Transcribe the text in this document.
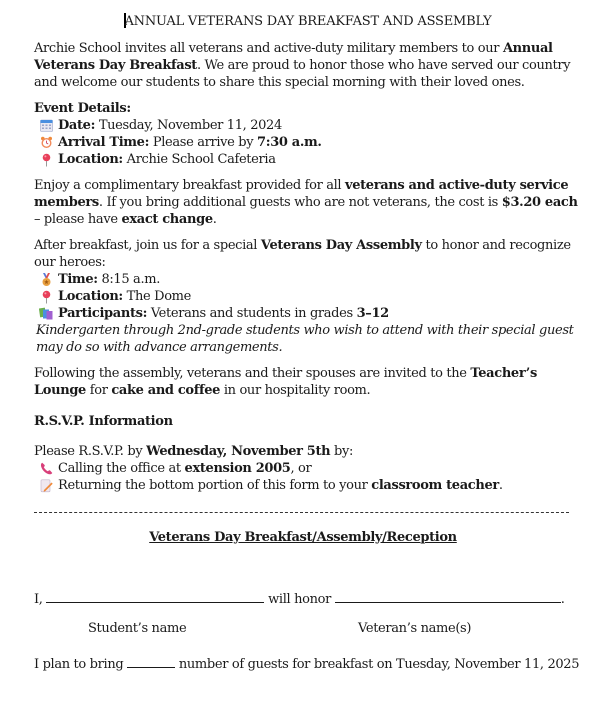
ANNUAL VETERANS DAY BREAKFAST AND ASSEMBLY

Archie School invites all veterans and active-duty military members to our Annual Veterans Day Breakfast. We are proud to honor those who have served our country and welcome our students to share this special morning with their loved ones.

Event Details:

Date: Tuesday, November 11, 2024
Arrival Time: Please arrive by 7:30 a.m.
Location: Archie School Cafeteria

Enjoy a complimentary breakfast provided for all veterans and active-duty service members. If you bring additional guests who are not veterans, the cost is $3.20 each – please have exact change.

After breakfast, join us for a special Veterans Day Assembly to honor and recognize our heroes:

Time: 8:15 a.m.
Location: The Dome
Participants: Veterans and students in grades 3–12

Kindergarten through 2nd-grade students who wish to attend with their special guest may do so with advance arrangements.

Following the assembly, veterans and their spouses are invited to the Teacher’s Lounge for cake and coffee in our hospitality room.

R.S.V.P. Information

Please R.S.V.P. by Wednesday, November 5th by:

Calling the office at extension 2005 , or
Returning the bottom portion of this form to your classroom teacher .
Veterans Day Breakfast/Assembly/Reception
I,	will honor	.
Student’s name	Veteran’s name(s)
I plan to bring	number of guests for breakfast on Tuesday, November 11, 2025
